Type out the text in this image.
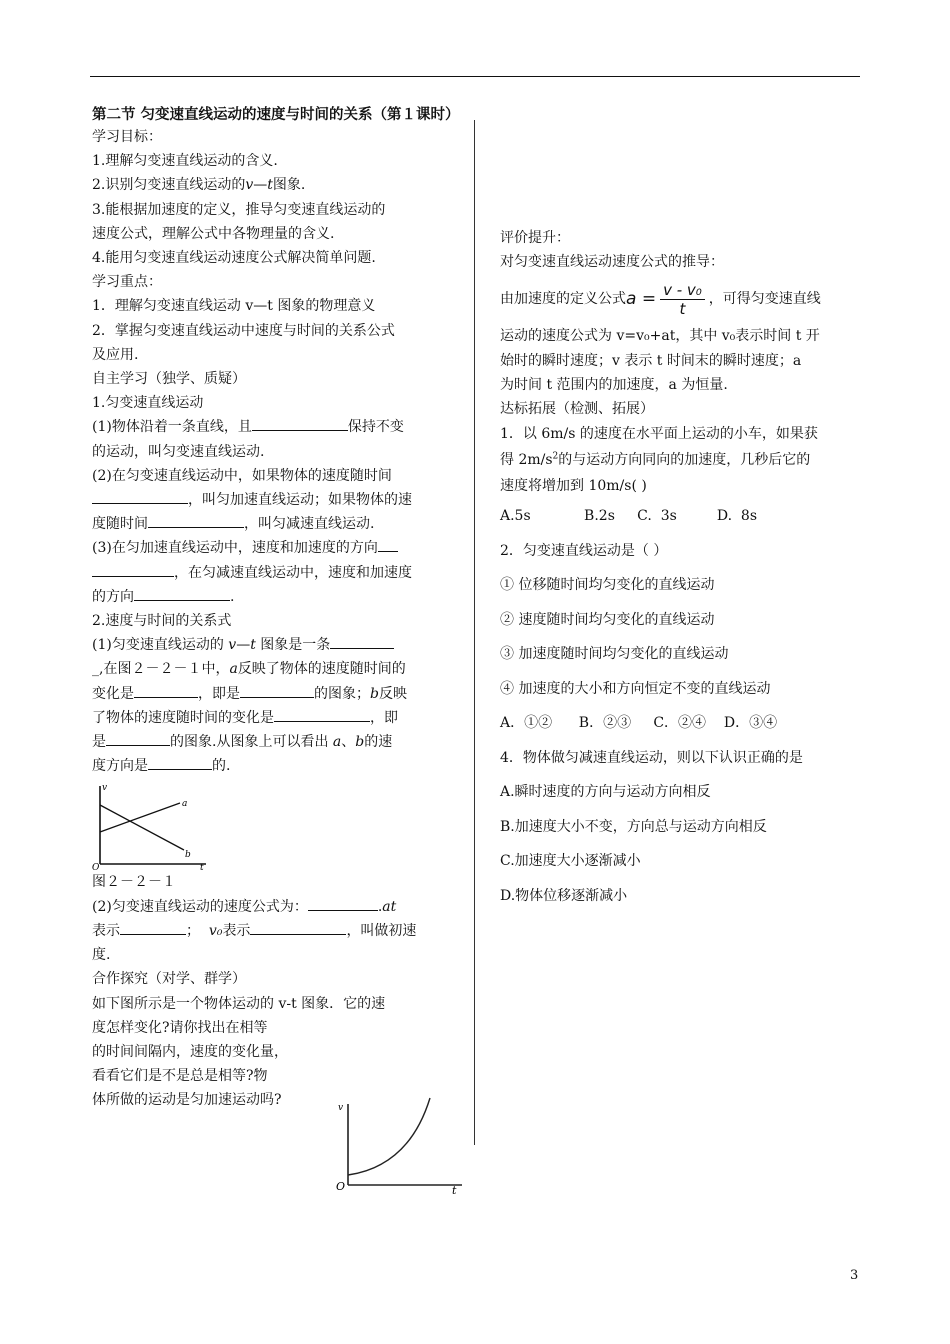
第二节 匀变速直线运动的速度与时间的关系（第１课时）

学习目标：

1.理解匀变速直线运动的含义.

2.识别匀变速直线运动的v—t图象.

3.能根据加速度的定义，推导匀变速直线运动的

速度公式，理解公式中各物理量的含义.

4.能用匀变速直线运动速度公式解决简单问题.

学习重点：

1．理解匀变速直线运动 v—t 图象的物理意义

2．掌握匀变速直线运动中速度与时间的关系公式

及应用.

自主学习（独学、质疑）

1.匀变速直线运动

(1)物体沿着一条直线，且	保持不变

的运动，叫匀变速直线运动.

(2)在匀变速直线运动中，如果物体的速度随时间

，叫匀加速直线运动；如果物体的速

度随时间	，叫匀减速直线运动.

(3)在匀加速直线运动中，速度和加速度的方向

，在匀减速直线运动中，速度和加速度

的方向	.

2.速度与时间的关系式

(1)匀变速直线运动的 v—t 图象是一条

_,在图２－２－１中，a反映了物体的速度随时间的

变化是	，即是	的图象；b反映

了物体的速度随时间的变化是	，即

是	的图象.从图象上可以看出 a、b的速

度方向是	的.

v
O	t
a
b

图２－２－１

(2)匀变速直线运动的速度公式为：	.at

表示	； v₀表示	，叫做初速

度.

合作探究（对学、群学）

如下图所示是一个物体运动的 v-t 图象．它的速

度怎样变化?请你找出在相等

的时间间隔内，速度的变化量，

看看它们是不是总是相等?物

体所做的运动是匀加速运动吗?	v
O	t

评价提升：

对匀变速直线运动速度公式的推导：

由加速度的定义公式 $a = \frac{\text{v - v₀}}{t}$ ，可得匀变速直线

运动的速度公式为 v=v₀+at，其中 v₀表示时间 t 开

始时的瞬时速度；v 表示 t 时间末的瞬时速度；a

为时间 t 范围内的加速度，a 为恒量.

达标拓展（检测、拓展）

1．以 6m/s 的速度在水平面上运动的小车，如果获

得 $2m/s^2$的与运动方向同向的加速度，几秒后它的

速度将增加到 10m/s( )

A.5s            B.2s     C.  3s         D.  8s

2．匀变速直线运动是（ ）

① 位移随时间均匀变化的直线运动

② 速度随时间均匀变化的直线运动

③ 加速度随时间均匀变化的直线运动

④ 加速度的大小和方向恒定不变的直线运动

A．①②      B．②③     C．②④    D．③④

4．物体做匀减速直线运动，则以下认识正确的是

A.瞬时速度的方向与运动方向相反

B.加速度大小不变，方向总与运动方向相反

C.加速度大小逐渐减小

D.物体位移逐渐减小

3
